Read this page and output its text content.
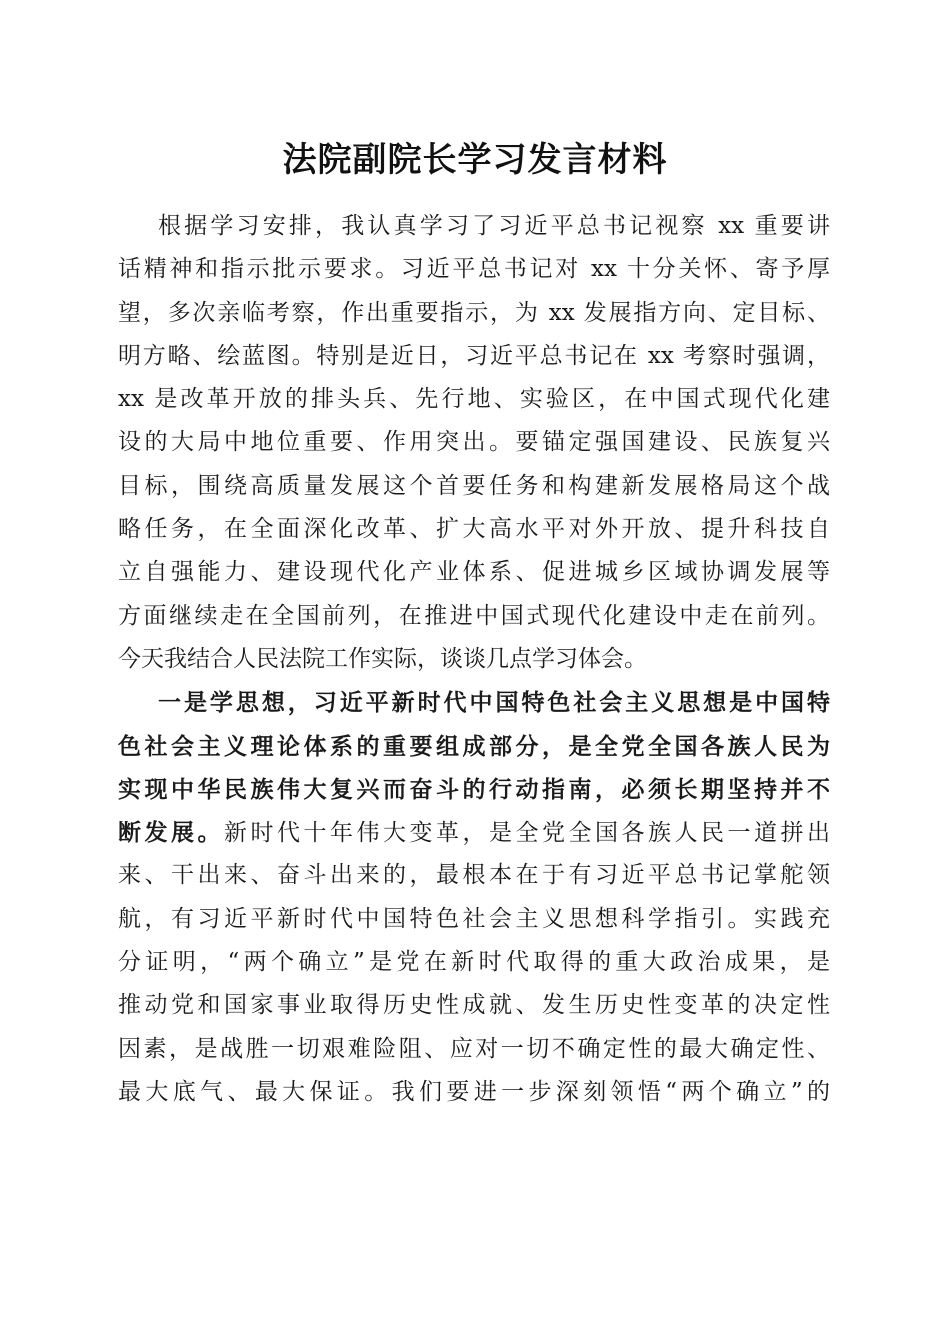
法院副院长学习发言材料
根据学习安排，我认真学习了习近平总书记视察 xx 重要讲
话精神和指示批示要求。习近平总书记对 xx 十分关怀、寄予厚
望，多次亲临考察，作出重要指示，为 xx 发展指方向、定目标、
明方略、绘蓝图。特别是近日，习近平总书记在 xx 考察时强调，
xx 是改革开放的排头兵、先行地、实验区，在中国式现代化建
设的大局中地位重要、作用突出。要锚定强国建设、民族复兴
目标，围绕高质量发展这个首要任务和构建新发展格局这个战
略任务，在全面深化改革、扩大高水平对外开放、提升科技自
立自强能力、建设现代化产业体系、促进城乡区域协调发展等
方面继续走在全国前列，在推进中国式现代化建设中走在前列。
今天我结合人民法院工作实际，谈谈几点学习体会。
一是学思想，习近平新时代中国特色社会主义思想是中国特
色社会主义理论体系的重要组成部分，是全党全国各族人民为
实现中华民族伟大复兴而奋斗的行动指南，必须长期坚持并不
断发展。新时代十年伟大变革，是全党全国各族人民一道拼出
来、干出来、奋斗出来的，最根本在于有习近平总书记掌舵领
航，有习近平新时代中国特色社会主义思想科学指引。实践充
分证明，“两个确立”是党在新时代取得的重大政治成果，是
推动党和国家事业取得历史性成就、发生历史性变革的决定性
因素，是战胜一切艰难险阻、应对一切不确定性的最大确定性、
最大底气、最大保证。我们要进一步深刻领悟“两个确立”的
